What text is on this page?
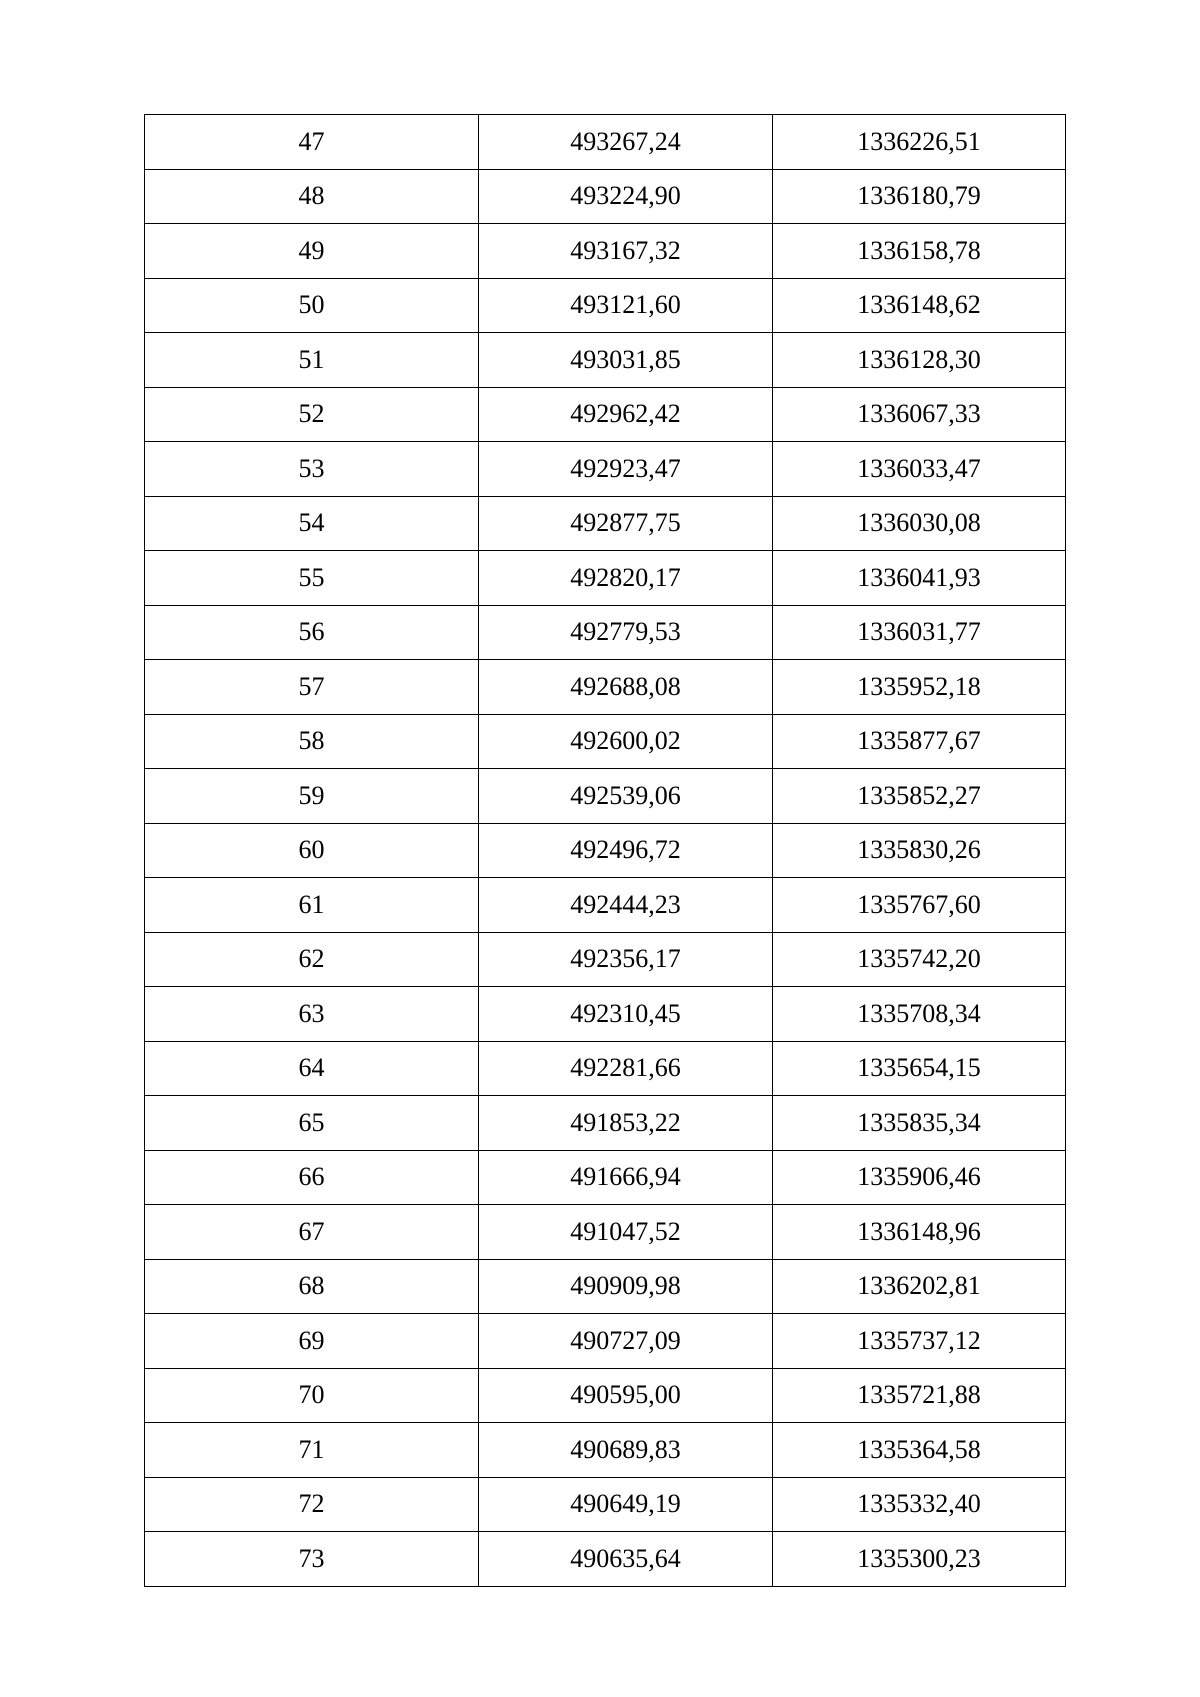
47	493267,24	1336226,51
48	493224,90	1336180,79
49	493167,32	1336158,78
50	493121,60	1336148,62
51	493031,85	1336128,30
52	492962,42	1336067,33
53	492923,47	1336033,47
54	492877,75	1336030,08
55	492820,17	1336041,93
56	492779,53	1336031,77
57	492688,08	1335952,18
58	492600,02	1335877,67
59	492539,06	1335852,27
60	492496,72	1335830,26
61	492444,23	1335767,60
62	492356,17	1335742,20
63	492310,45	1335708,34
64	492281,66	1335654,15
65	491853,22	1335835,34
66	491666,94	1335906,46
67	491047,52	1336148,96
68	490909,98	1336202,81
69	490727,09	1335737,12
70	490595,00	1335721,88
71	490689,83	1335364,58
72	490649,19	1335332,40
73	490635,64	1335300,23
